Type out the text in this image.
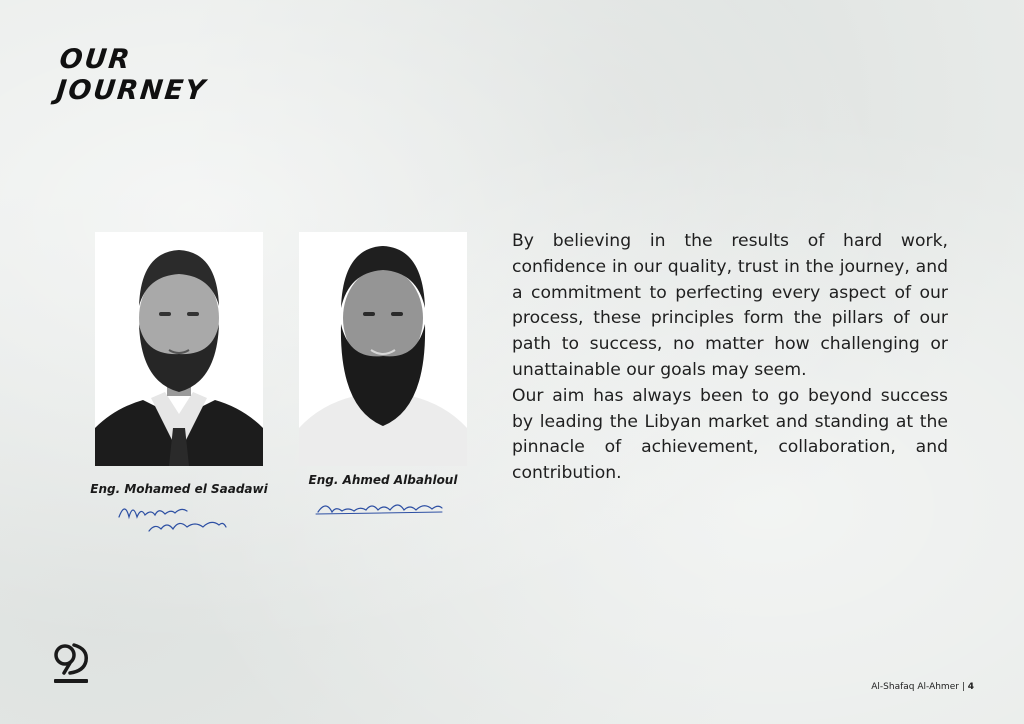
OUR
JOURNEY
Eng. Mohamed el Saadawi
Eng. Ahmed Albahloul

By believing in the results of hard work, confidence in our quality, trust in the journey, and a commitment to perfecting every aspect of our process, these principles form the pillars of our path to success, no matter how challenging or unattainable our goals may seem.

Our aim has always been to go beyond success by leading the Libyan market and standing at the pinnacle of achievement, collaboration, and contribution.

Al-Shafaq Al-Ahmer | 4
